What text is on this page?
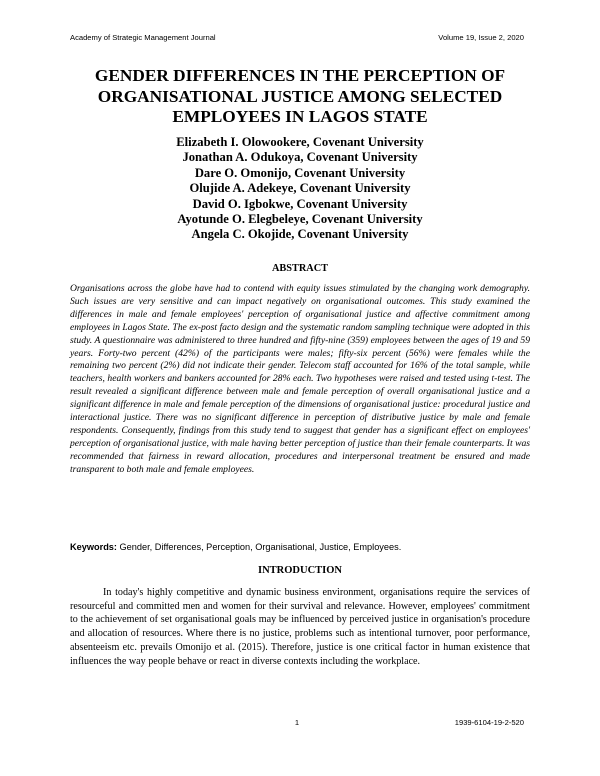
Academy of Strategic Management Journal	Volume 19, Issue 2, 2020
GENDER DIFFERENCES IN THE PERCEPTION OF
ORGANISATIONAL JUSTICE AMONG SELECTED
EMPLOYEES IN LAGOS STATE
Elizabeth I. Olowookere, Covenant University
Jonathan A. Odukoya, Covenant University
Dare O. Omonijo, Covenant University
Olujide A. Adekeye, Covenant University
David O. Igbokwe, Covenant University
Ayotunde O. Elegbeleye, Covenant University
Angela C. Okojide, Covenant University
ABSTRACT

Organisations across the globe have had to contend with equity issues stimulated by the changing work demography. Such issues are very sensitive and can impact negatively on organisational outcomes. This study examined the differences in male and female employees' perception of organisational justice and affective commitment among employees in Lagos State. The ex-post facto design and the systematic random sampling technique were adopted in this study. A questionnaire was administered to three hundred and fifty-nine (359) employees between the ages of 19 and 59 years. Forty-two percent (42%) of the participants were males; fifty-six percent (56%) were females while the remaining two percent (2%) did not indicate their gender. Telecom staff accounted for 16% of the total sample, while teachers, health workers and bankers accounted for 28% each. Two hypotheses were raised and tested using t-test. The result revealed a significant difference between male and female perception of overall organisational justice and a significant difference in male and female perception of the dimensions of organisational justice: procedural justice and interactional justice. There was no significant difference in perception of distributive justice by male and female respondents. Consequently, findings from this study tend to suggest that gender has a significant effect on employees' perception of organisational justice, with male having better perception of justice than their female counterparts. It was recommended that fairness in reward allocation, procedures and interpersonal treatment be ensured and made transparent to both male and female employees.

Keywords: Gender, Differences, Perception, Organisational, Justice, Employees.
INTRODUCTION

In today's highly competitive and dynamic business environment, organisations require the services of resourceful and committed men and women for their survival and relevance. However, employees' commitment to the achievement of set organisational goals may be influenced by perceived justice in organisation's procedure and allocation of resources. Where there is no justice, problems such as intentional turnover, poor performance, absenteeism etc. prevails Omonijo et al. (2015). Therefore, justice is one critical factor in human existence that influences the way people behave or react in diverse contexts including the workplace.

1	1939-6104-19-2-520
